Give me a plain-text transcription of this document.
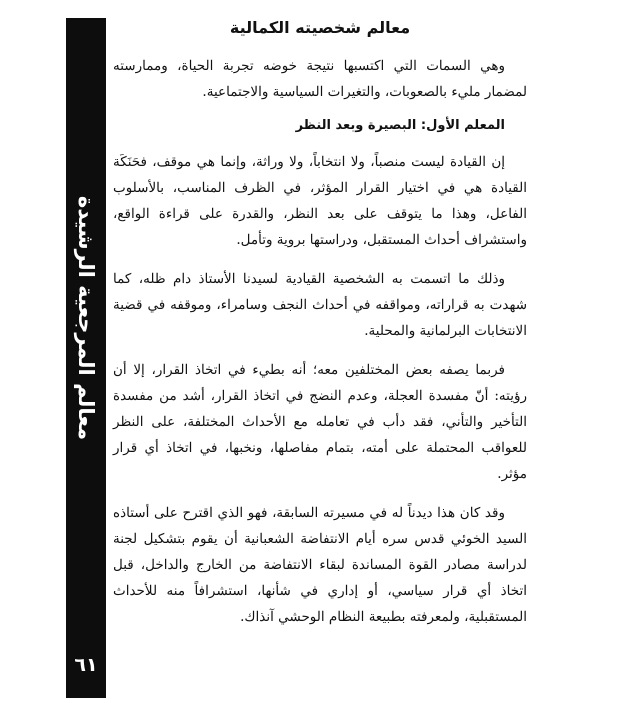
معالم المرجعية الرشيدة
٦١
معالم شخصيته الكمالية

وهي السمات التي اكتسبها نتيجة خوضه تجربة الحياة، وممارسته لمضمار مليء بالصعوبات، والتغيرات السياسية والاجتماعية.

المعلم الأول: البصيرة وبعد النظر

إن القيادة ليست منصباً، ولا انتخاباً، ولا وراثة، وإنما هي موقف، فحَنَكَة القيادة هي في اختيار القرار المؤثر، في الظرف المناسب، بالأسلوب الفاعل، وهذا ما يتوقف على بعد النظر، والقدرة على قراءة الواقع، واستشراف أحداث المستقبل، ودراستها بروية وتأمل.

وذلك ما اتسمت به الشخصية القيادية لسيدنا الأستاذ دام ظله، كما شهدت به قراراته، ومواقفه في أحداث النجف وسامراء، وموقفه في قضية الانتخابات البرلمانية والمحلية.

فربما يصفه بعض المختلفين معه؛ أنه بطيء في اتخاذ القرار، إلا أن رؤيته: أنّ مفسدة العجلة، وعدم النضج في اتخاذ القرار، أشد من مفسدة التأخير والتأني، فقد دأب في تعامله مع الأحداث المختلفة، على النظر للعواقب المحتملة على أمته، بتمام مفاصلها، ونخبها، في اتخاذ أي قرار مؤثر.

وقد كان هذا ديدناً له في مسيرته السابقة، فهو الذي اقترح على أستاذه السيد الخوئي قدس سره أيام الانتفاضة الشعبانية أن يقوم بتشكيل لجنة لدراسة مصادر القوة المساندة لبقاء الانتفاضة من الخارج والداخل، قبل اتخاذ أي قرار سياسي، أو إداري في شأنها، استشرافاً منه للأحداث المستقبلية، ولمعرفته بطبيعة النظام الوحشي آنذاك.
